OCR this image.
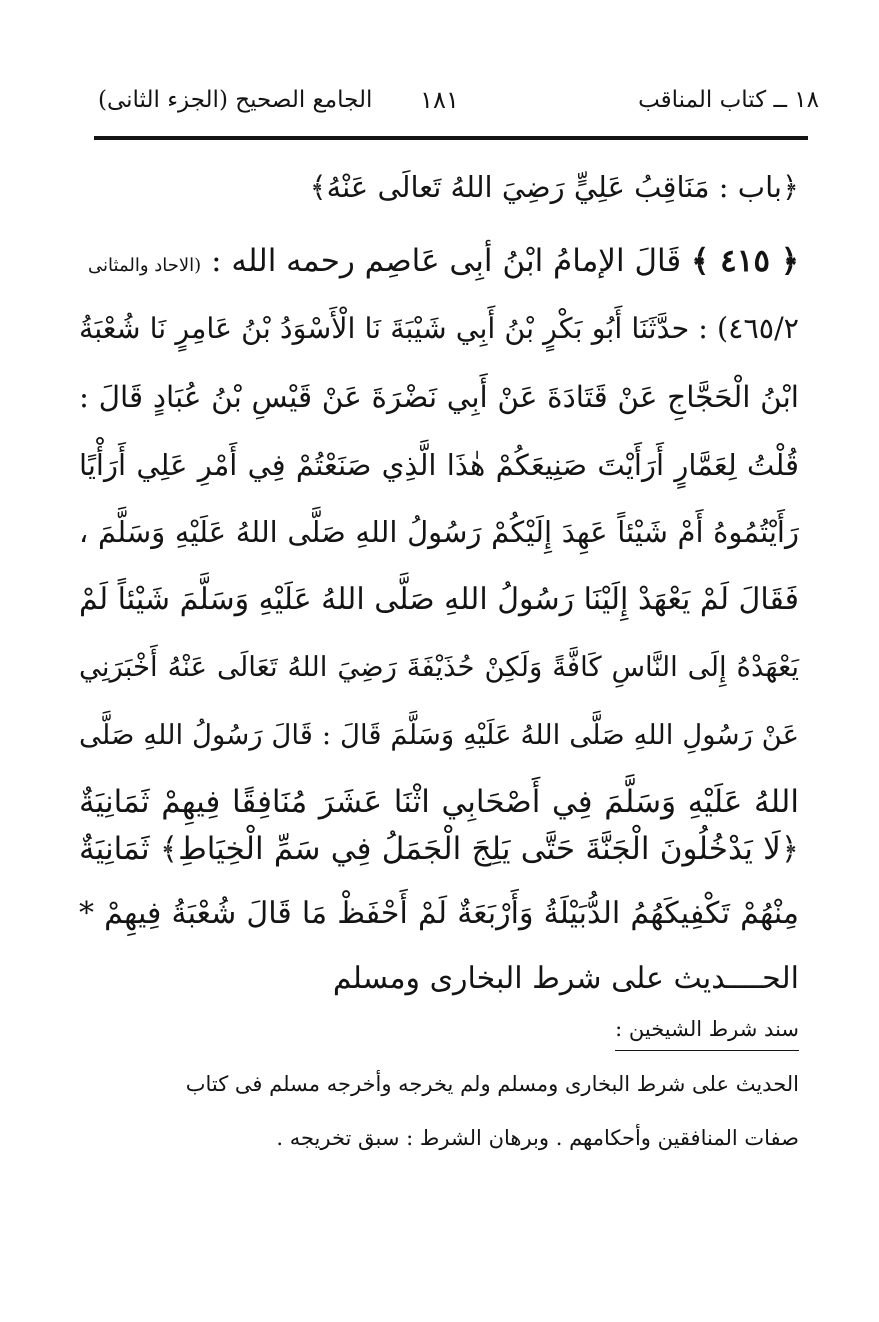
١٨ ــ كتاب المناقب
١٨١
الجامع الصحيح (الجزء الثانى)
﴿باب : مَنَاقِبُ عَلِيٍّ رَضِيَ اللهُ تَعالَى عَنْهُ﴾
﴿ ٤١٥ ﴾ قَالَ الإمامُ ابْنُ أبِى عَاصِم رحمه الله : (الاحاد والمثانى
٤٦٥/٢) : حدَّثَنَا أَبُو بَكْرٍ بْنُ أَبِي شَيْبَةَ نَا الْأَسْوَدُ بْنُ عَامِرٍ نَا شُعْبَةُ
ابْنُ الْحَجَّاجِ عَنْ قَتَادَةَ عَنْ أَبِي نَضْرَةَ عَنْ قَيْسِ بْنُ عُبَادٍ قَالَ :
قُلْتُ لِعَمَّارٍ أَرَأَيْتَ صَنِيعَكُمْ هٰذَا الَّذِي صَنَعْتُمْ فِي أَمْرِ عَلِي أَرَأْيًا
رَأَيْتُمُوهُ أَمْ شَيْئاً عَهِدَ إِلَيْكُمْ رَسُولُ اللهِ صَلَّى اللهُ عَلَيْهِ وَسَلَّمَ ،
فَقَالَ لَمْ يَعْهَدْ إِلَيْنَا رَسُولُ اللهِ صَلَّى اللهُ عَلَيْهِ وَسَلَّمَ شَيْئاً لَمْ
يَعْهَدْهُ إِلَى النَّاسِ كَافَّةً وَلَكِنْ حُذَيْفَةَ رَضِيَ اللهُ تَعَالَى عَنْهُ أَخْبَرَنِي
عَنْ رَسُولِ اللهِ صَلَّى اللهُ عَلَيْهِ وَسَلَّمَ قَالَ : قَالَ رَسُولُ اللهِ صَلَّى
اللهُ عَلَيْهِ وَسَلَّمَ فِي أَصْحَابِي اثْنَا عَشَرَ مُنَافِقًا فِيهِمْ ثَمَانِيَةٌ
﴿لَا يَدْخُلُونَ الْجَنَّةَ حَتَّى يَلِجَ الْجَمَلُ فِي سَمِّ الْخِيَاطِ﴾ ثَمَانِيَةٌ
مِنْهُمْ تَكْفِيكَهُمُ الدُّبَيْلَةُ وَأَرْبَعَةٌ لَمْ أَحْفَظْ مَا قَالَ شُعْبَةُ فِيهِمْ *
الحــــديث على شرط البخارى ومسلم
سند شرط الشيخين :
الحديث على شرط البخارى ومسلم ولم يخرجه وأخرجه مسلم فى كتاب
صفات المنافقين وأحكامهم . وبرهان الشرط : سبق تخريجه .
